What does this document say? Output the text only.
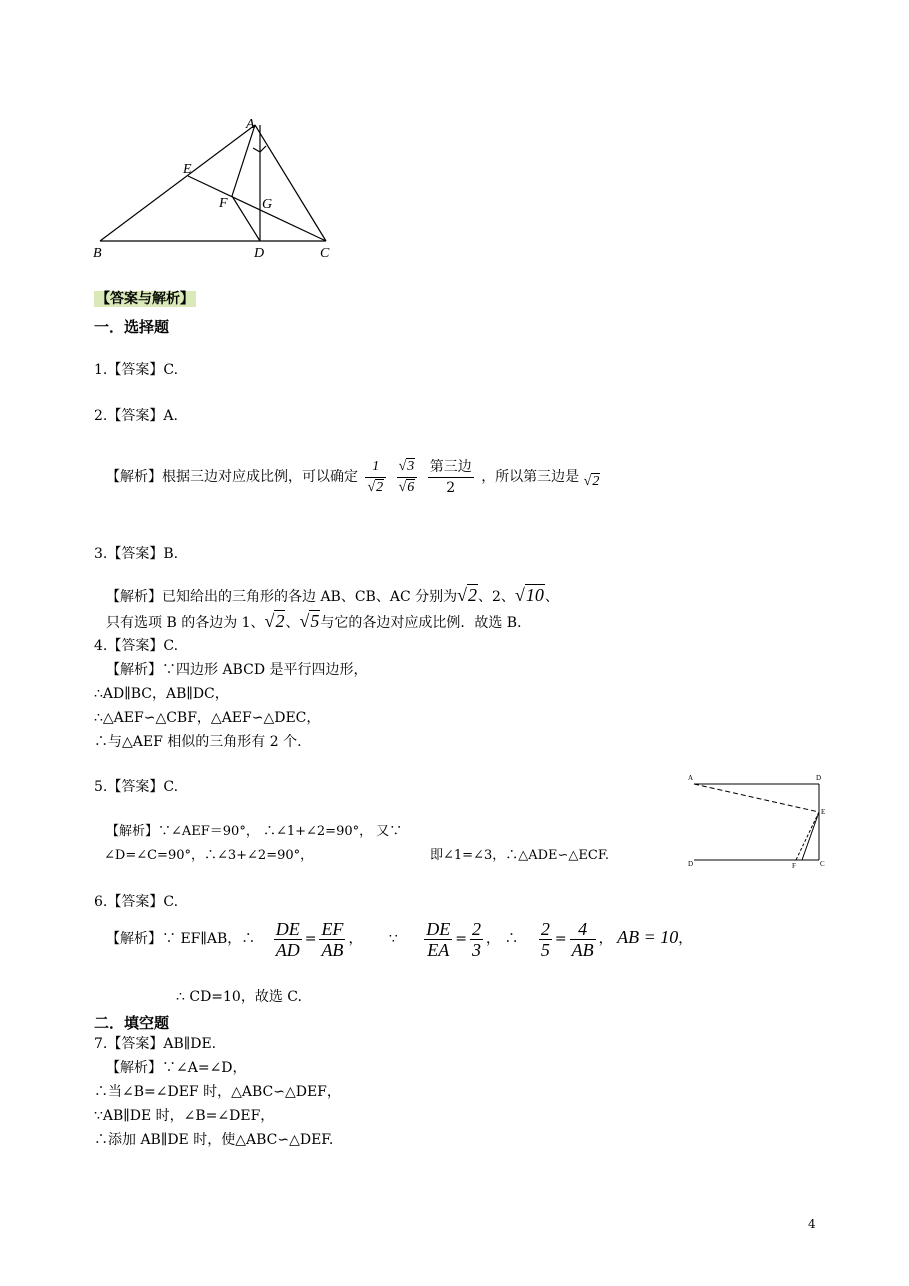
A
B	C
D
E
F G
【答案与解析】
一．选择题
1.【答案】C.
2.【答案】A.
【解析】根据三边对应成比例，可以确定 $\frac{1}{√2}$
$\frac{√3}{√6}$
$\frac{\text{第三边}}{2}$ ，所以第三边是 √2
3.【答案】B.
【解析】已知给出的三角形的各边 AB、CB、AC 分别为√2、2、√10、
只有选项 B 的各边为 1、√2、√5与它的各边对应成比例．故选 B．
4.【答案】C.
【解析】∵四边形 ABCD 是平行四边形，
∴AD∥BC，AB∥DC，
∴△AEF∽△CBF，△AEF∽△DEC，
∴与△AEF 相似的三角形有 2 个.
5.【答案】C.
【解析】∵∠AEF＝90°， ∴∠1+∠2=90°， 又∵
∠D=∠C=90°，∴∠3+∠2=90°，	即∠1=∠3，∴△ADE∽△ECF.
A	D
E
D	C
F
6.【答案】C.
【解析】∵ EF∥AB，∴ $\frac{DE}{AD} = \frac{EF}{AB}$ ， ∵ $\frac{DE}{EA} = \frac{2}{3}$ ， ∴ $\frac{2}{5} = \frac{4}{AB}$ ， AB = 10，
∴ CD=10，故选 C.
二．填空题
7.【答案】AB∥DE.
【解析】∵∠A=∠D，
∴当∠B=∠DEF 时，△ABC∽△DEF，
∵AB∥DE 时，∠B=∠DEF，
∴添加 AB∥DE 时，使△ABC∽△DEF.
4
